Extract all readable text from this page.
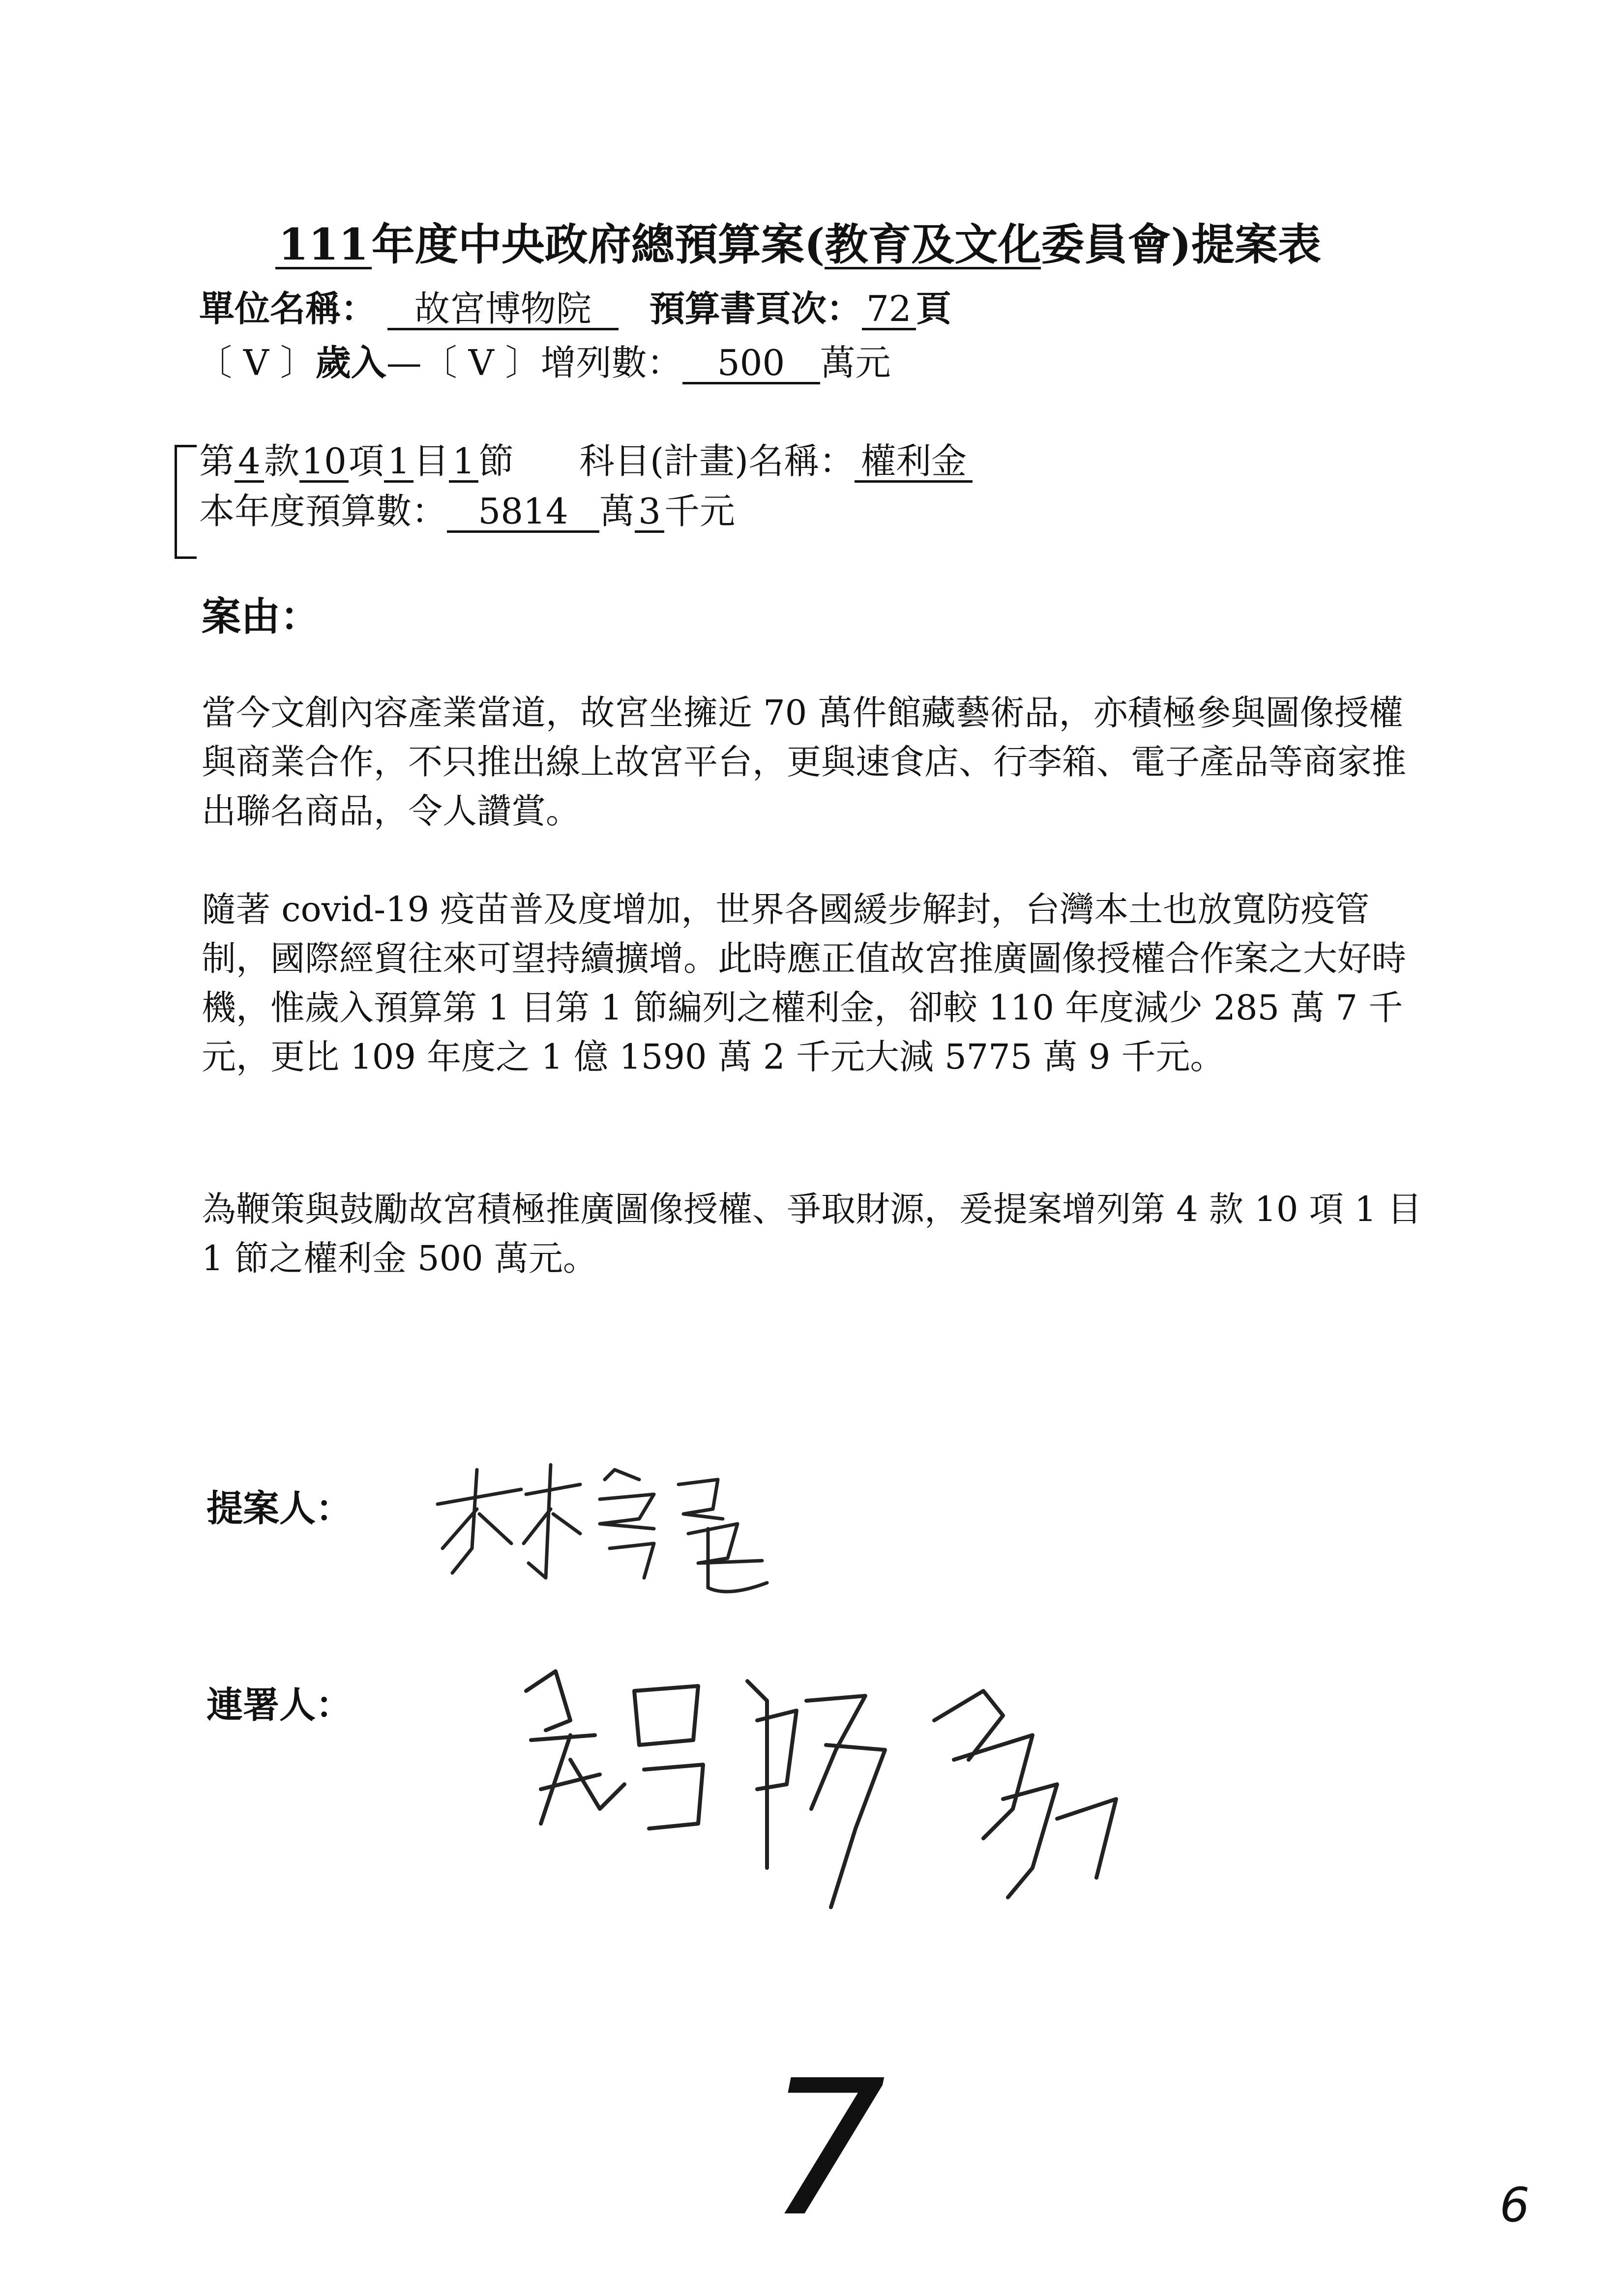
111年度中央政府總預算案(教育及文化委員會)提案表
單位名稱： 故宮博物院 預算書頁次： 72 頁
〔 V 〕歲入—〔 V 〕增列數： 500 萬元
第4款10項1目1節 科目(計畫)名稱： 權利金
本年度預算數： 5814 萬3千元
案由：
當今文創內容產業當道，故宮坐擁近 70 萬件館藏藝術品，亦積極參與圖像授權與商業合作，不只推出線上故宮平台，更與速食店、行李箱、電子產品等商家推出聯名商品，令人讚賞。
隨著 covid-19 疫苗普及度增加，世界各國緩步解封，台灣本土也放寬防疫管制，國際經貿往來可望持續擴增。此時應正值故宮推廣圖像授權合作案之大好時機，惟歲入預算第 1 目第 1 節編列之權利金，卻較 110 年度減少 285 萬 7 千元，更比 109 年度之 1 億 1590 萬 2 千元大減 5775 萬 9 千元。
為鞭策與鼓勵故宮積極推廣圖像授權、爭取財源，爰提案增列第 4 款 10 項 1 目 1 節之權利金 500 萬元。
提案人：
連署人：
7	6
